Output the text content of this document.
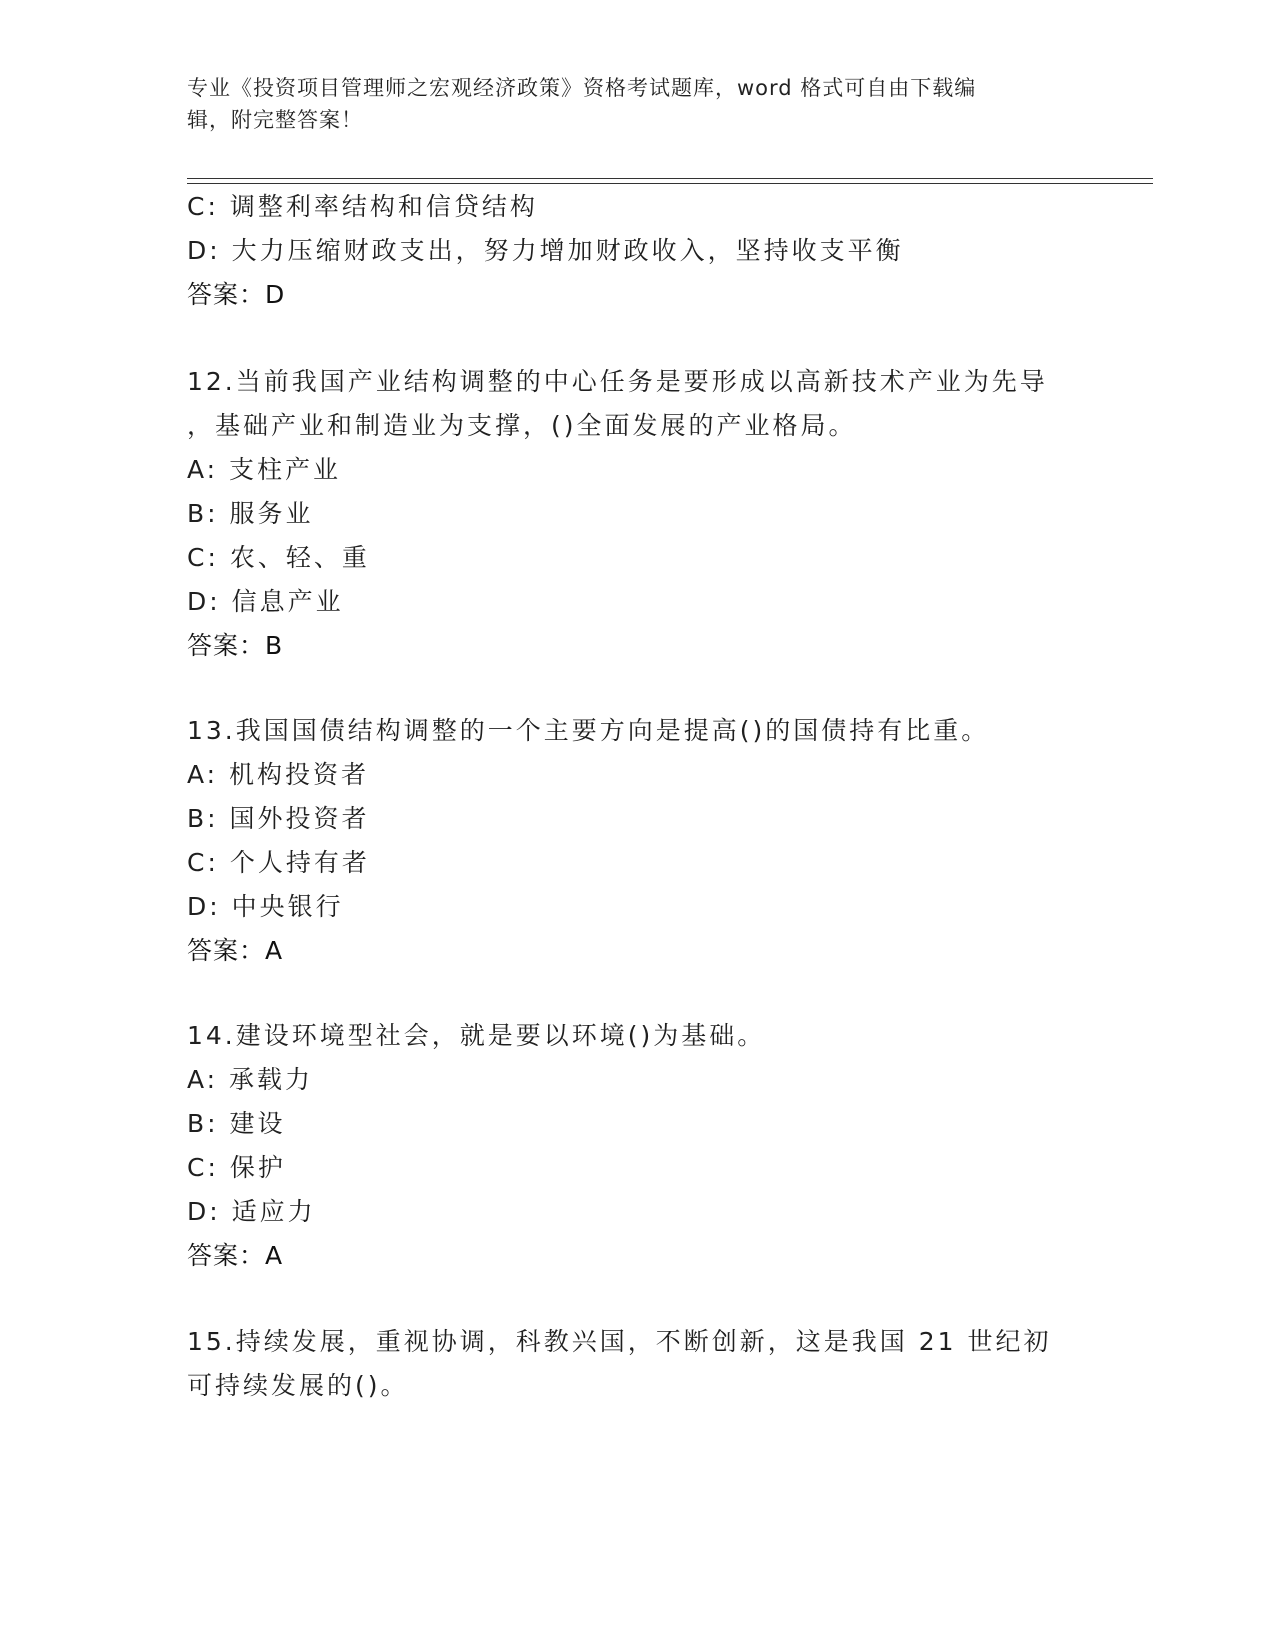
专业《投资项目管理师之宏观经济政策》资格考试题库，word 格式可自由下载编
辑，附完整答案！
C: 调整利率结构和信贷结构
D: 大力压缩财政支出，努力增加财政收入，坚持收支平衡
答案：D
12.当前我国产业结构调整的中心任务是要形成以高新技术产业为先导
，基础产业和制造业为支撑，()全面发展的产业格局。
A: 支柱产业
B: 服务业
C: 农、轻、重
D: 信息产业
答案：B
13.我国国债结构调整的一个主要方向是提高()的国债持有比重。
A: 机构投资者
B: 国外投资者
C: 个人持有者
D: 中央银行
答案：A
14.建设环境型社会，就是要以环境()为基础。
A: 承载力
B: 建设
C: 保护
D: 适应力
答案：A
15.持续发展，重视协调，科教兴国，不断创新，这是我国 21 世纪初
可持续发展的()。
